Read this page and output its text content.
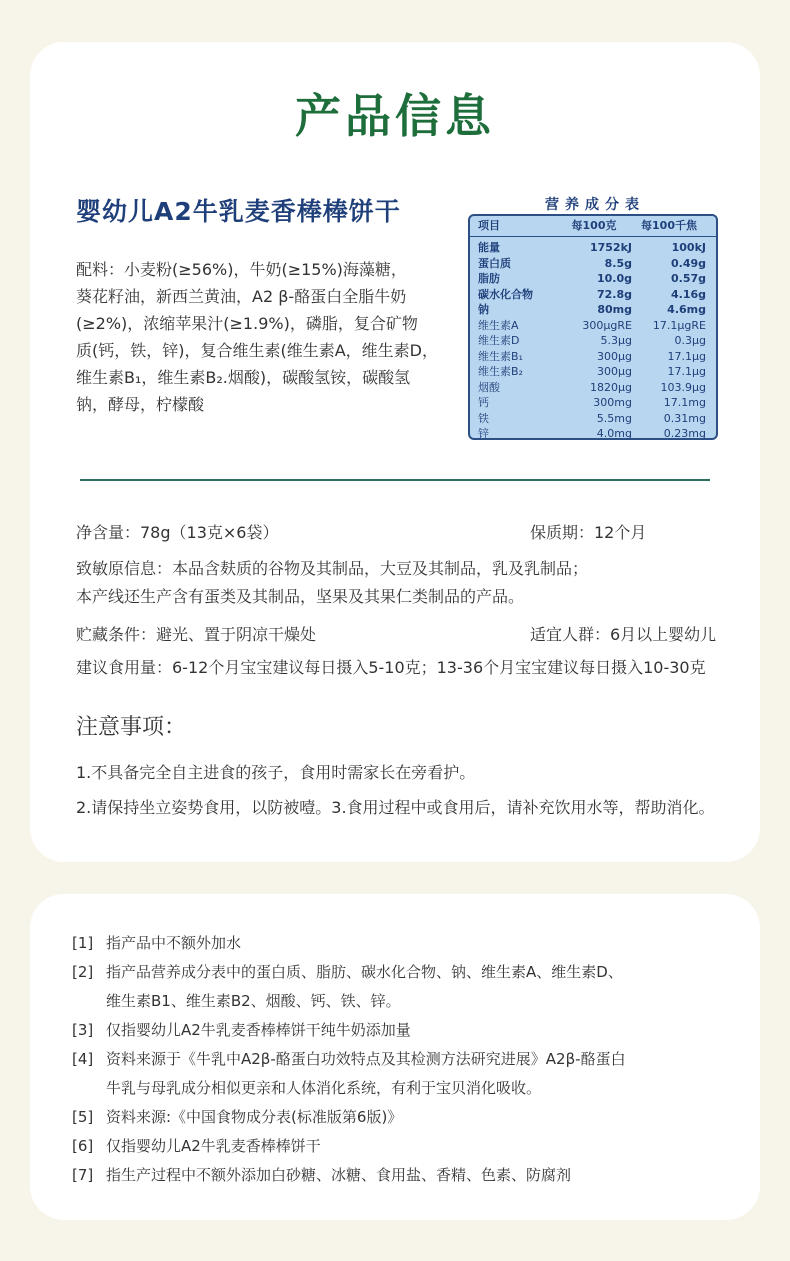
产品信息
婴幼儿A2牛乳麦香棒棒饼干
配料：小麦粉(≥56%)，牛奶(≥15%)海藻糖，
葵花籽油，新西兰黄油，A2 β-酪蛋白全脂牛奶
(≥2%)，浓缩苹果汁(≥1.9%)，磷脂，复合矿物
质(钙，铁，锌)，复合维生素(维生素A，维生素D，
维生素B₁，维生素B₂.烟酸)，碳酸氢铵，碳酸氢
钠，酵母，柠檬酸
营养成分表
项目	每100克	每100千焦
能量	1752kJ	100kJ
蛋白质	8.5g	0.49g
脂肪	10.0g	0.57g
碳水化合物	72.8g	4.16g
钠	80mg	4.6mg
维生素A	300μgRE	17.1μgRE
维生素D	5.3μg	0.3μg
维生素B₁	300μg	17.1μg
维生素B₂	300μg	17.1μg
烟酸	1820μg	103.9μg
钙	300mg	17.1mg
铁	5.5mg	0.31mg
锌	4.0mg	0.23mg
净含量：78g（13克×6袋）	保质期：12个月
致敏原信息：本品含麸质的谷物及其制品，大豆及其制品，乳及乳制品；
本产线还生产含有蛋类及其制品，坚果及其果仁类制品的产品。
贮藏条件：避光、置于阴凉干燥处	适宜人群：6月以上婴幼儿
建议食用量：6-12个月宝宝建议每日摄入5-10克；13-36个月宝宝建议每日摄入10-30克
注意事项：
1.不具备完全自主进食的孩子，食用时需家长在旁看护。
2.请保持坐立姿势食用，以防被噎。3.食用过程中或食用后，请补充饮用水等，帮助消化。
[1] 指产品中不额外加水
[2] 指产品营养成分表中的蛋白质、脂肪、碳水化合物、钠、维生素A、维生素D、
维生素B1、维生素B2、烟酸、钙、铁、锌。
[3] 仅指婴幼儿A2牛乳麦香棒棒饼干纯牛奶添加量
[4] 资料来源于《牛乳中A2β-酪蛋白功效特点及其检测方法研究进展》A2β-酪蛋白
牛乳与母乳成分相似更亲和人体消化系统，有利于宝贝消化吸收。
[5] 资料来源:《中国食物成分表(标准版第6版)》
[6] 仅指婴幼儿A2牛乳麦香棒棒饼干
[7] 指生产过程中不额外添加白砂糖、冰糖、食用盐、香精、色素、防腐剂
